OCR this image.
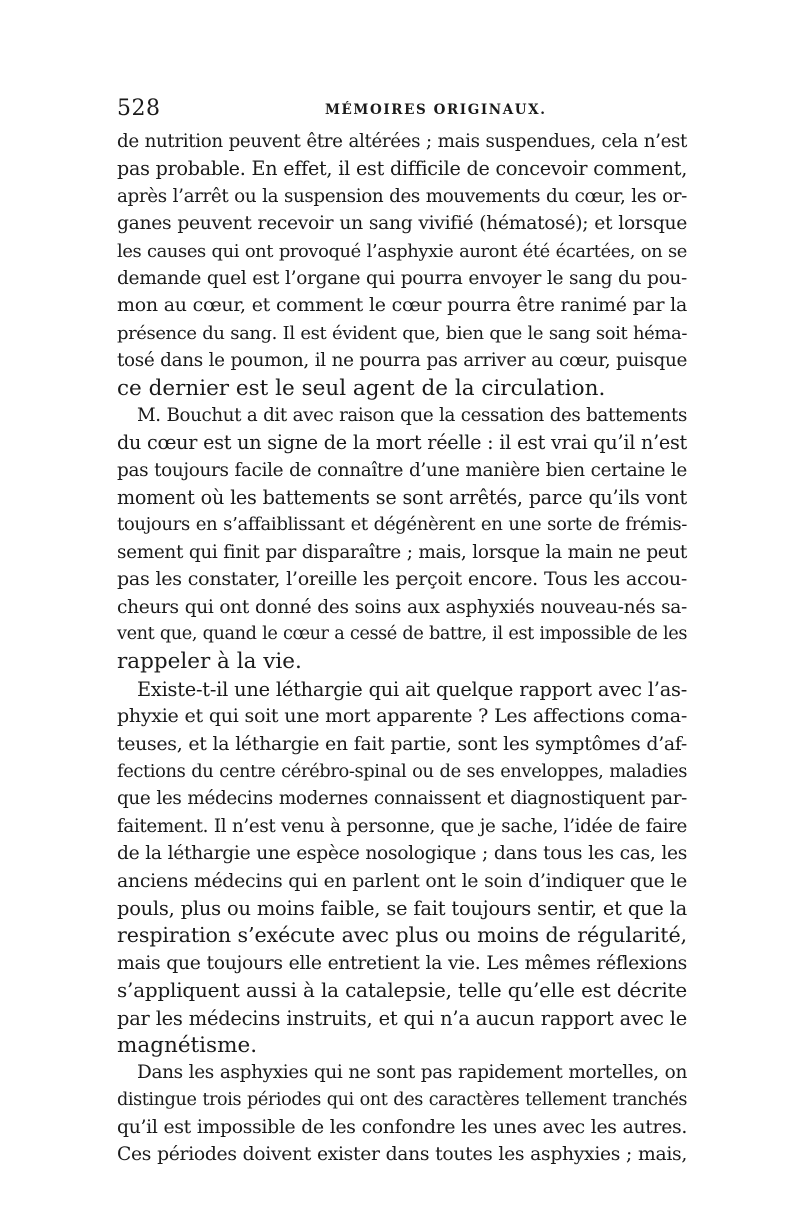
528	MÉMOIRES ORIGINAUX.
de nutrition peuvent être altérées ; mais suspendues, cela n’est
pas probable. En effet, il est difficile de concevoir comment,
après l’arrêt ou la suspension des mouvements du cœur, les or-
ganes peuvent recevoir un sang vivifié (hématosé); et lorsque
les causes qui ont provoqué l’asphyxie auront été écartées, on se
demande quel est l’organe qui pourra envoyer le sang du pou-
mon au cœur, et comment le cœur pourra être ranimé par la
présence du sang. Il est évident que, bien que le sang soit héma-
tosé dans le poumon, il ne pourra pas arriver au cœur, puisque
ce dernier est le seul agent de la circulation.
M. Bouchut a dit avec raison que la cessation des battements
du cœur est un signe de la mort réelle : il est vrai qu’il n’est
pas toujours facile de connaître d’une manière bien certaine le
moment où les battements se sont arrêtés, parce qu’ils vont
toujours en s’affaiblissant et dégénèrent en une sorte de frémis-
sement qui finit par disparaître ; mais, lorsque la main ne peut
pas les constater, l’oreille les perçoit encore. Tous les accou-
cheurs qui ont donné des soins aux asphyxiés nouveau-nés sa-
vent que, quand le cœur a cessé de battre, il est impossible de les
rappeler à la vie.
Existe-t-il une léthargie qui ait quelque rapport avec l’as-
phyxie et qui soit une mort apparente ? Les affections coma-
teuses, et la léthargie en fait partie, sont les symptômes d’af-
fections du centre cérébro-spinal ou de ses enveloppes, maladies
que les médecins modernes connaissent et diagnostiquent par-
faitement. Il n’est venu à personne, que je sache, l’idée de faire
de la léthargie une espèce nosologique ; dans tous les cas, les
anciens médecins qui en parlent ont le soin d’indiquer que le
pouls, plus ou moins faible, se fait toujours sentir, et que la
respiration s’exécute avec plus ou moins de régularité,
mais que toujours elle entretient la vie. Les mêmes réflexions
s’appliquent aussi à la catalepsie, telle qu’elle est décrite
par les médecins instruits, et qui n’a aucun rapport avec le
magnétisme.
Dans les asphyxies qui ne sont pas rapidement mortelles, on
distingue trois périodes qui ont des caractères tellement tranchés
qu’il est impossible de les confondre les unes avec les autres.
Ces périodes doivent exister dans toutes les asphyxies ; mais,
